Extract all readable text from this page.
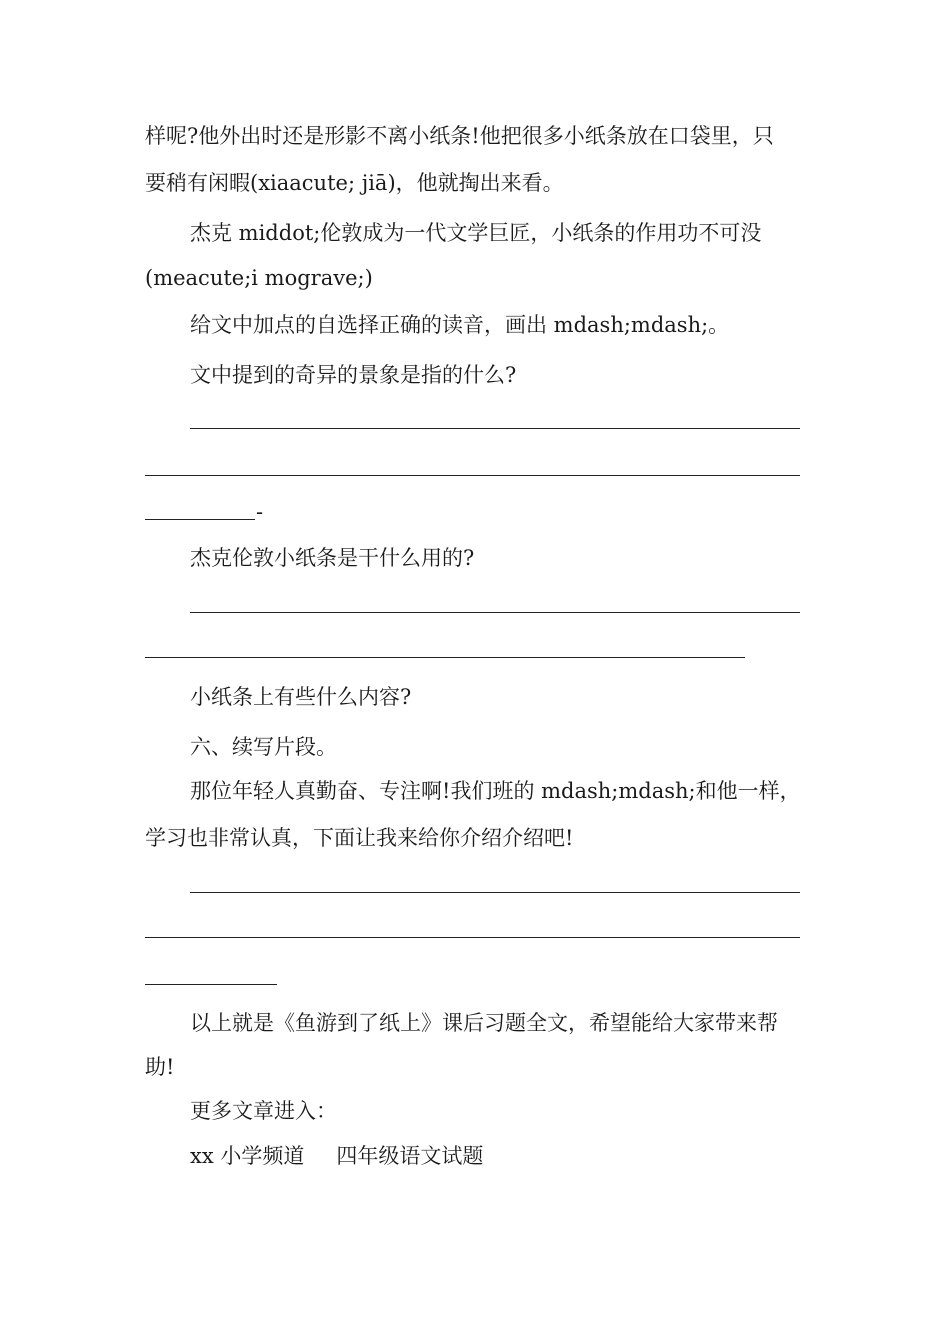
样呢?他外出时还是形影不离小纸条!他把很多小纸条放在口袋里，只
要稍有闲暇(xiaacute; jiā)，他就掏出来看。
杰克 middot;伦敦成为一代文学巨匠，小纸条的作用功不可没
(meacute;i mograve;)
给文中加点的自选择正确的读音，画出 mdash;mdash;。
文中提到的奇异的景象是指的什么?
-
杰克伦敦小纸条是干什么用的?
小纸条上有些什么内容?
六、续写片段。
那位年轻人真勤奋、专注啊!我们班的 mdash;mdash;和他一样，
学习也非常认真，下面让我来给你介绍介绍吧!
以上就是《鱼游到了纸上》课后习题全文，希望能给大家带来帮
助!
更多文章进入：
xx 小学频道 四年级语文试题
